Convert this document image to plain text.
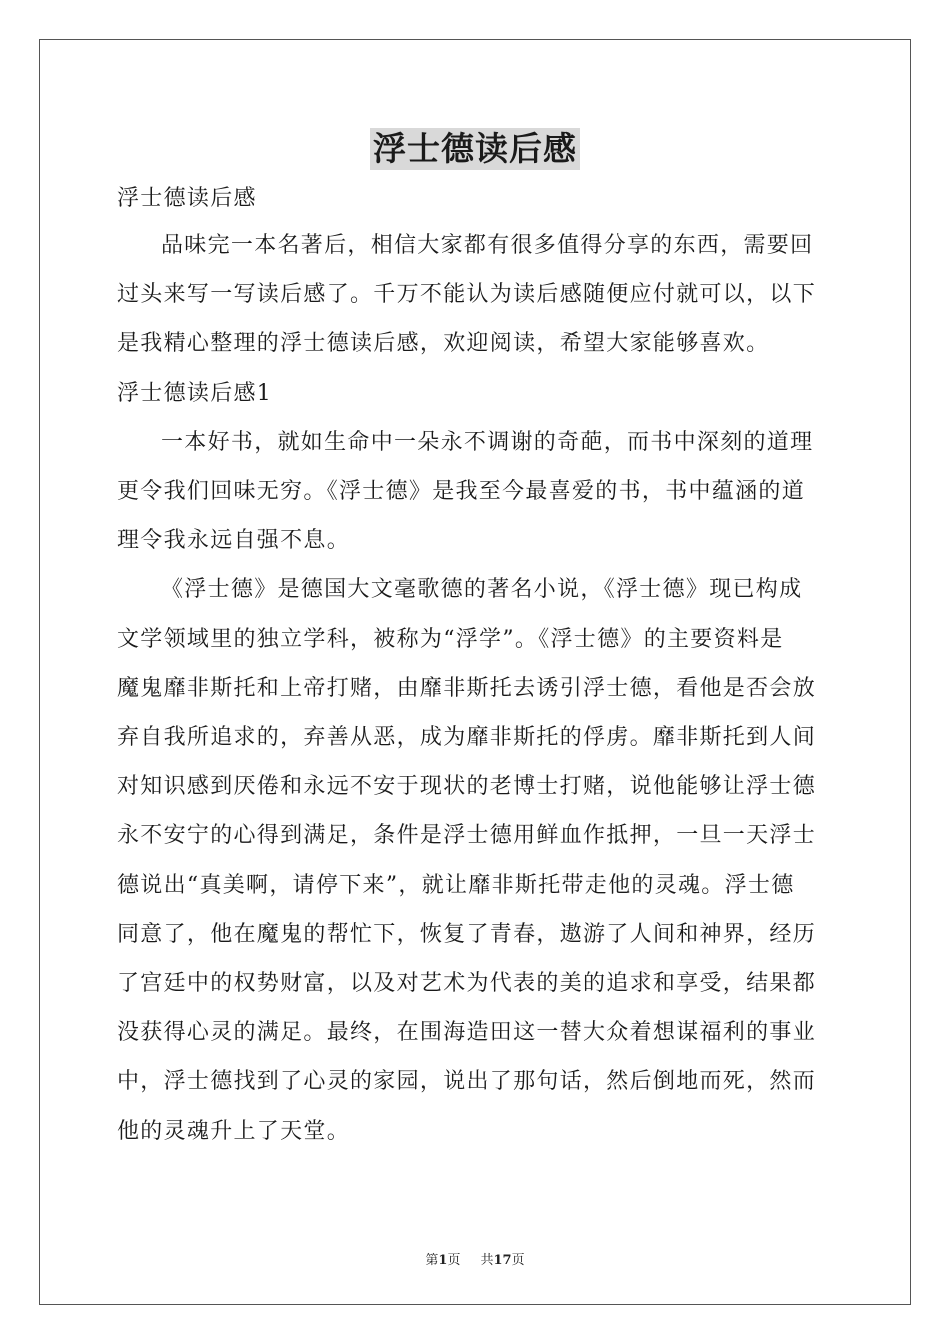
浮士德读后感

浮士德读后感

品味完一本名著后，相信大家都有很多值得分享的东西，需要回

过头来写一写读后感了。千万不能认为读后感随便应付就可以，以下

是我精心整理的浮士德读后感，欢迎阅读，希望大家能够喜欢。

浮士德读后感1

一本好书，就如生命中一朵永不调谢的奇葩，而书中深刻的道理

更令我们回味无穷。《浮士德》是我至今最喜爱的书，书中蕴涵的道

理令我永远自强不息。

《浮士德》是德国大文毫歌德的著名小说，《浮士德》现已构成

文学领域里的独立学科，被称为“浮学”。《浮士德》的主要资料是

魔鬼靡非斯托和上帝打赌，由靡非斯托去诱引浮士德，看他是否会放

弃自我所追求的，弃善从恶，成为靡非斯托的俘虏。靡非斯托到人间

对知识感到厌倦和永远不安于现状的老博士打赌，说他能够让浮士德

永不安宁的心得到满足，条件是浮士德用鲜血作抵押，一旦一天浮士

德说出“真美啊，请停下来”，就让靡非斯托带走他的灵魂。浮士德

同意了，他在魔鬼的帮忙下，恢复了青春，遨游了人间和神界，经历

了宫廷中的权势财富，以及对艺术为代表的美的追求和享受，结果都

没获得心灵的满足。最终，在围海造田这一替大众着想谋福利的事业

中，浮士德找到了心灵的家园，说出了那句话，然后倒地而死，然而

他的灵魂升上了天堂。

第1页 共17页
